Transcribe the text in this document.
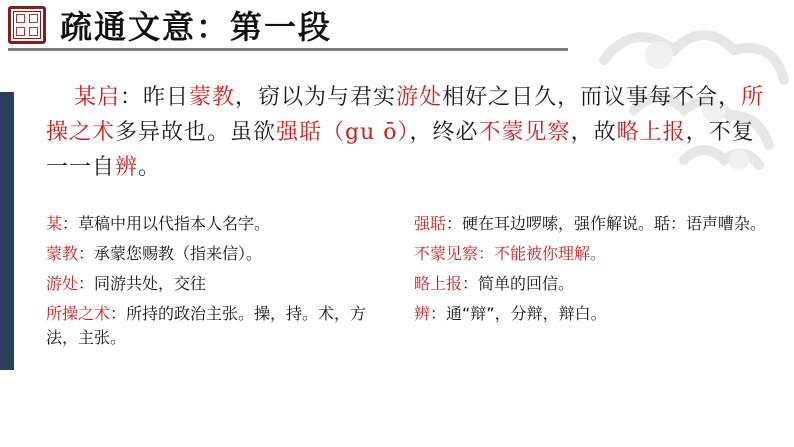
疏通文意：第一段
某启：昨日蒙教，窃以为与君实游处相好之日久，而议事每不合，所操之术多异故也。虽欲强聒（gu ō），终必不蒙见察，故略上报，不复一一自辨。
某：草稿中用以代指本人名字。
蒙教：承蒙您赐教（指来信）。
游处：同游共处，交往
所操之术：所持的政治主张。操，持。术，方法，主张。
强聒：硬在耳边啰嗦，强作解说。聒：语声嘈杂。
不蒙见察：不能被你理解。
略上报：简单的回信。
辨：通“辩”，分辩，辩白。
